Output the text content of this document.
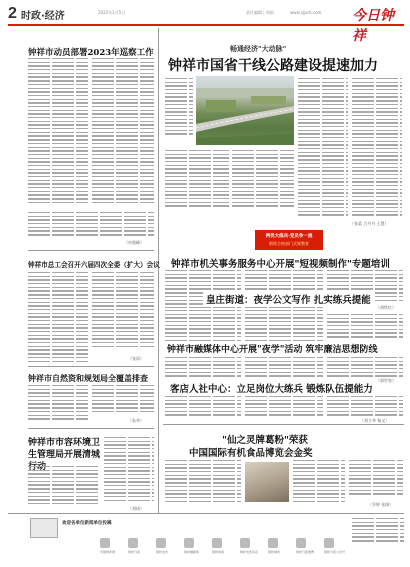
2 时政·经济	2022年1月5日	责任编辑 | 周韵	www.zjjxrb.com 今日钟祥
钟祥市动员部署2023年巡察工作
（申奥峰）
钟祥市总工会召开六届四次全委（扩大）会议
（张雨）
钟祥市自然资和规划局全覆盖排查
（朱华）
钟祥市市容环境卫生管理局开展清城
（刘琦）
畅通经济"大动脉"
钟祥市国省干线公路建设提速加力
（张柔 吕丹丹 王慧）
两优大练兵·党员争一流
锻炼合格部门式规教育
钟祥市机关事务服务中心开展"短视频制作"专题培训
（胡铁红）
皇庄街道：夜学公文写作 扎实练兵提能
钟祥市融媒体中心开展"夜学"活动 筑牢廉洁思想防线
（郭世家）
客店人社中心：立足岗位大练兵 锻炼队伍提能力
（刘立华 杨文）
"仙之灵牌葛粉"荣获
中国国际有机食品博览会金奖
（乔婷 张阁）
欢迎各单位新闻单位投稿
中国钟祥网	钟祥日报	钟祥发布	钟祥融媒体	钟祥视频	钟祥发布抖音	钟祥城市	钟祥日报微博	钟祥日报公众号
